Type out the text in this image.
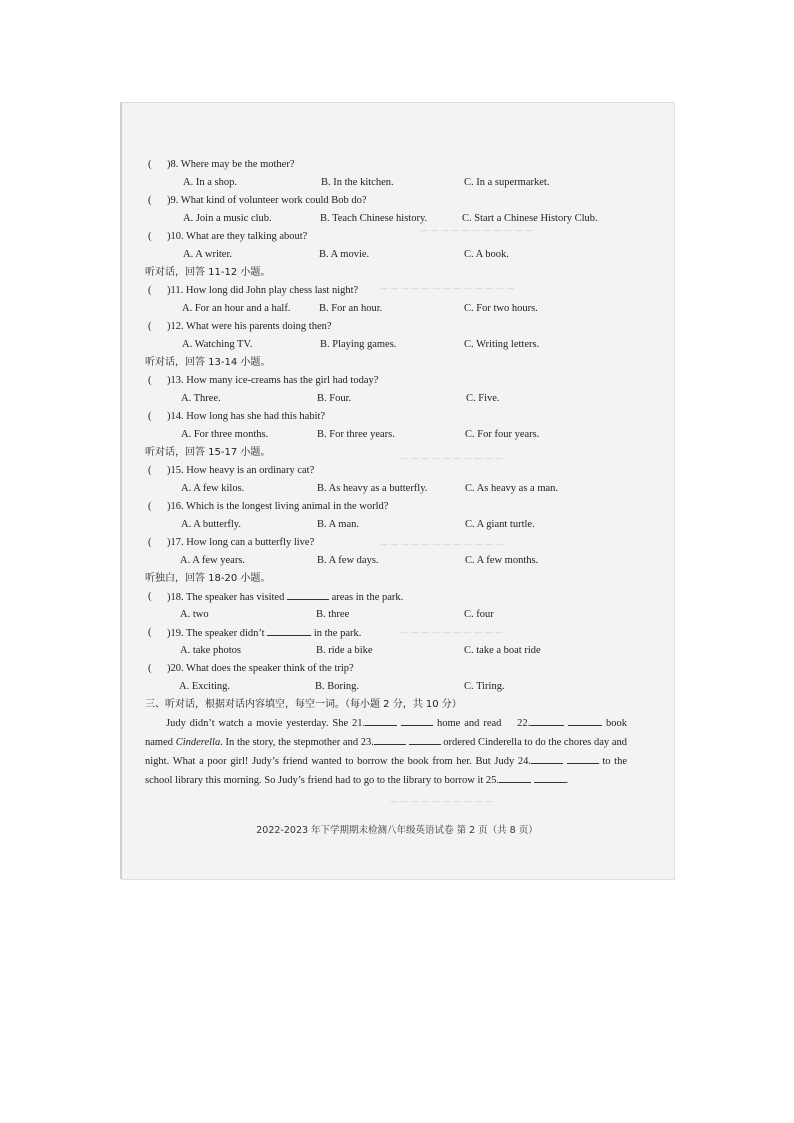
— — — — — — — — — — —
— — — — — — — — — — — — —
— — — — — — — — — —
— — — — — — — — — — — —
— — — — — — — — — —
— — — — — — — — — —
( )8. Where may be the mother?
A. In a shop.	B. In the kitchen.	C. In a supermarket.
( )9. What kind of volunteer work could Bob do?
A. Join a music club.	B. Teach Chinese history.	C. Start a Chinese History Club.
( )10. What are they talking about?
A. A writer.	B. A movie.	C. A book.
听对话，回答 11-12 小题。
( )11. How long did John play chess last night?
A. For an hour and a half.	B. For an hour.	C. For two hours.
( )12. What were his parents doing then?
A. Watching TV.	B. Playing games.	C. Writing letters.
听对话，回答 13-14 小题。
( )13. How many ice-creams has the girl had today?
A. Three.	B. Four.	C. Five.
( )14. How long has she had this habit?
A. For three months.	B. For three years.	C. For four years.
听对话，回答 15-17 小题。
( )15. How heavy is an ordinary cat?
A. A few kilos.	B. As heavy as a butterfly.	C. As heavy as a man.
( )16. Which is the longest living animal in the world?
A. A butterfly.	B. A man.	C. A giant turtle.
( )17. How long can a butterfly live?
A. A few years.	B. A few days.	C. A few months.
听独白，回答 18-20 小题。
( )18. The speaker has visited	areas in the park.
A. two	B. three	C. four
( )19. The speaker didn’t	in the park.
A. take photos	B. ride a bike	C. take a boat ride
( )20. What does the speaker think of the trip?
A. Exciting.	B. Boring.	C. Tiring.
三、听对话，根据对话内容填空，每空一词。（每小题 2 分，共 10 分）

Judy didn’t watch a movie yesterday. She 21.	home and read 22.	book named Cinderella. In the story, the stepmother and 23.	ordered Cinderella to do the chores day and night. What a poor girl! Judy’s friend wanted to borrow the book from her. But Judy 24.	to the school library this morning. So Judy’s friend had to go to the library to borrow it 25.	.

2022-2023 年下学期期末检测八年级英语试卷 第 2 页（共 8 页）
